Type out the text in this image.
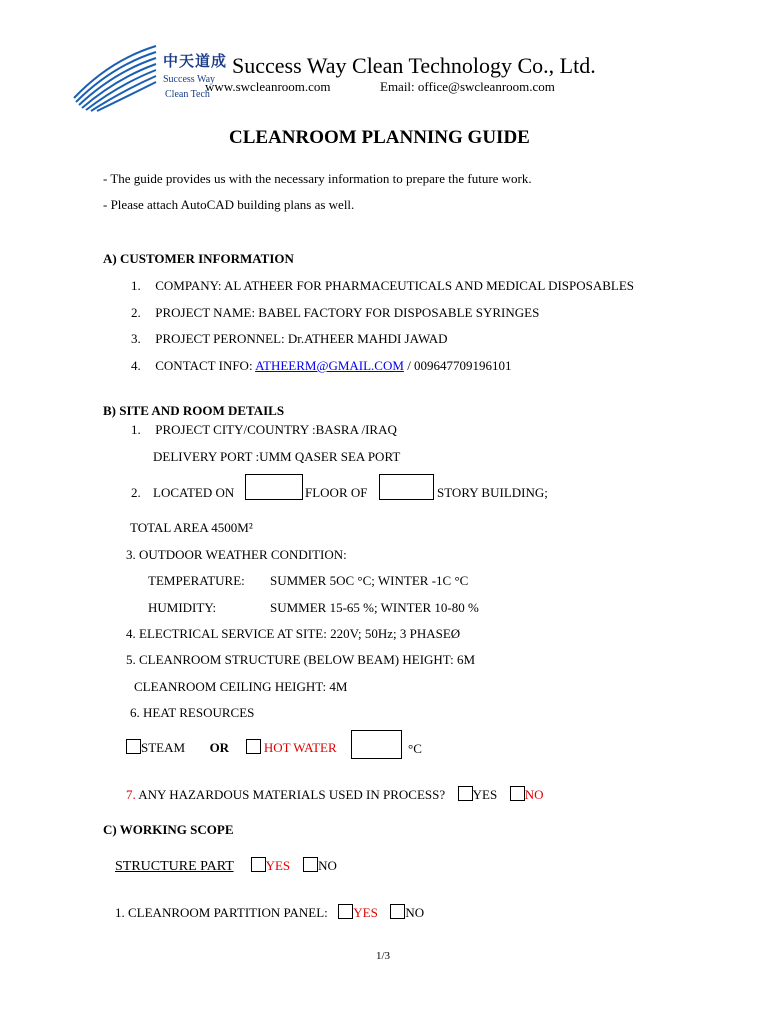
中天道成
Success Way
Clean Tech
Success Way Clean Technology Co., Ltd.
www.swcleanroom.com	Email: office@swcleanroom.com
CLEANROOM PLANNING GUIDE
- The guide provides us with the necessary information to prepare the future work.
- Please attach AutoCAD building plans as well.
A) CUSTOMER INFORMATION
1. COMPANY: AL ATHEER FOR PHARMACEUTICALS AND MEDICAL DISPOSABLES
2. PROJECT NAME: BABEL FACTORY FOR DISPOSABLE SYRINGES
3. PROJECT PERONNEL: Dr.ATHEER MAHDI JAWAD
4. CONTACT INFO: ATHEERM@GMAIL.COM / 009647709196101
B) SITE AND ROOM DETAILS
1. PROJECT CITY/COUNTRY :BASRA /IRAQ
DELIVERY PORT :UMM QASER SEA PORT
2. LOCATED ON	FLOOR OF	STORY BUILDING;
TOTAL AREA 4500M²
3. OUTDOOR WEATHER CONDITION:
TEMPERATURE: SUMMER 5OC °C; WINTER -1C °C
HUMIDITY:	SUMMER 15-65 %; WINTER 10-80 %
4. ELECTRICAL SERVICE AT SITE: 220V; 50Hz; 3 PHASEØ
5. CLEANROOM STRUCTURE (BELOW BEAM) HEIGHT: 6M
CLEANROOM CEILING HEIGHT: 4M
6. HEAT RESOURCES
STEAM OR	HOT WATER	°C
7. ANY HAZARDOUS MATERIALS USED IN PROCESS? YES NO
C) WORKING SCOPE
STRUCTURE PART YES NO
1. CLEANROOM PARTITION PANEL: YES NO
1/3
